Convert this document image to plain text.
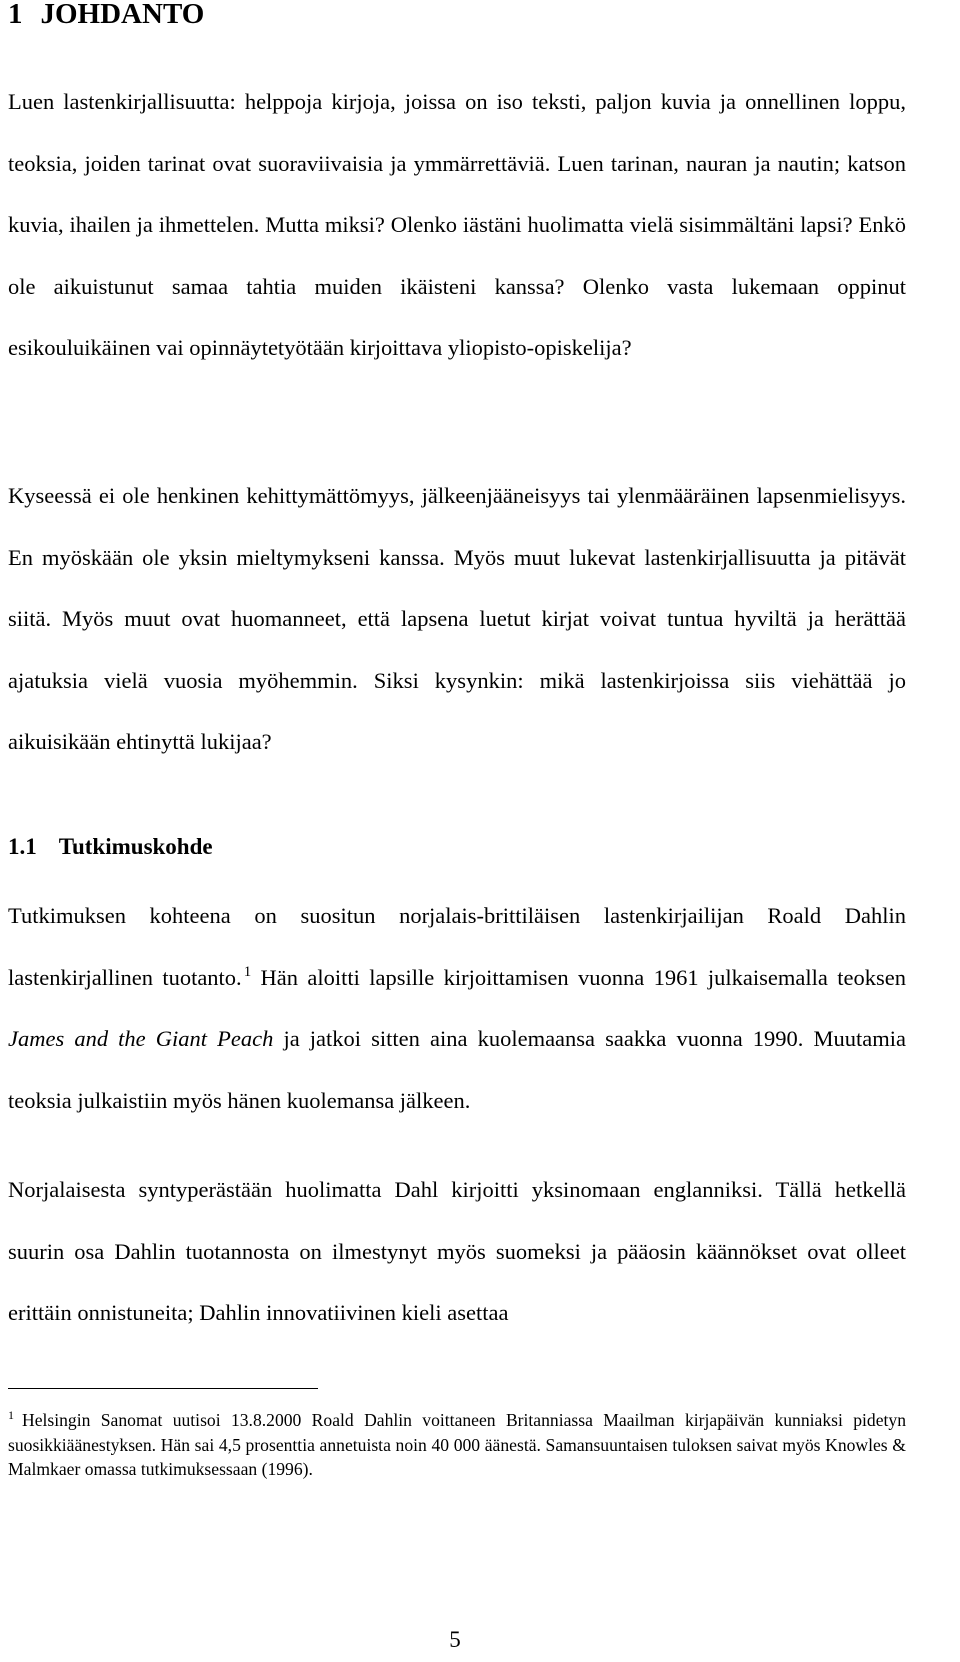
1 JOHDANTO

Luen lastenkirjallisuutta: helppoja kirjoja, joissa on iso teksti, paljon kuvia ja onnellinen loppu, teoksia, joiden tarinat ovat suoraviivaisia ja ymmärrettäviä. Luen tarinan, nauran ja nautin; katson kuvia, ihailen ja ihmettelen. Mutta miksi? Olenko iästäni huolimatta vielä sisimmältäni lapsi? Enkö ole aikuistunut samaa tahtia muiden ikäisteni kanssa? Olenko vasta lukemaan oppinut esikouluikäinen vai opinnäytetyötään kirjoittava yliopisto-opiskelija?

Kyseessä ei ole henkinen kehittymättömyys, jälkeenjääneisyys tai ylenmääräinen lapsenmielisyys. En myöskään ole yksin mieltymykseni kanssa. Myös muut lukevat lastenkirjallisuutta ja pitävät siitä. Myös muut ovat huomanneet, että lapsena luetut kirjat voivat tuntua hyviltä ja herättää ajatuksia vielä vuosia myöhemmin. Siksi kysynkin: mikä lastenkirjoissa siis viehättää jo aikuisikään ehtinyttä lukijaa?

1.1 Tutkimuskohde

Tutkimuksen kohteena on suositun norjalais-brittiläisen lastenkirjailijan Roald Dahlin lastenkirjallinen tuotanto. $^1$ Hän aloitti lapsille kirjoittamisen vuonna 1961 julkaisemalla teoksen James and the Giant Peach ja jatkoi sitten aina kuolemaansa saakka vuonna 1990. Muutamia teoksia julkaistiin myös hänen kuolemansa jälkeen.

Norjalaisesta syntyperästään huolimatta Dahl kirjoitti yksinomaan englanniksi. Tällä hetkellä suurin osa Dahlin tuotannosta on ilmestynyt myös suomeksi ja pääosin käännökset ovat olleet erittäin onnistuneita; Dahlin innovatiivinen kieli asettaa

$^1$ Helsingin Sanomat uutisoi 13.8.2000 Roald Dahlin voittaneen Britanniassa Maailman kirjapäivän kunniaksi pidetyn suosikkiäänestyksen. Hän sai 4,5 prosenttia annetuista noin 40 000 äänestä. Samansuuntaisen tuloksen saivat myös Knowles & Malmkaer omassa tutkimuksessaan (1996).

5
